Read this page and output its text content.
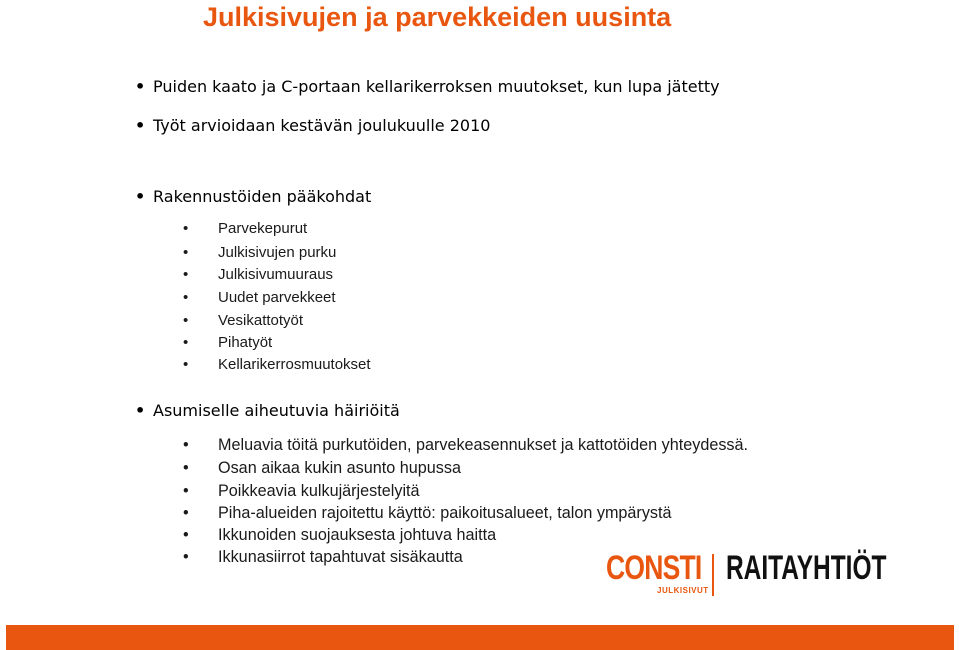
Julkisivujen ja parvekkeiden uusinta
• Puiden kaato ja C-portaan kellarikerroksen muutokset, kun lupa jätetty
• Työt arvioidaan kestävän joulukuulle 2010
• Rakennustöiden pääkohdat
• Parvekepurut
• Julkisivujen purku
• Julkisivumuuraus
• Uudet parvekkeet
• Vesikattotyöt
• Pihatyöt
• Kellarikerrosmuutokset
• Asumiselle aiheutuvia häiriöitä
• Meluavia töitä purkutöiden, parvekeasennukset ja kattotöiden yhteydessä.
• Osan aikaa kukin asunto hupussa
• Poikkeavia kulkujärjestelyitä
• Piha-alueiden rajoitettu käyttö: paikoitusalueet, talon ympärystä
• Ikkunoiden suojauksesta johtuva haitta
• Ikkunasiirrot tapahtuvat sisäkautta	CONSTI
JULKISIVUT
RAITAYHTIÖT
